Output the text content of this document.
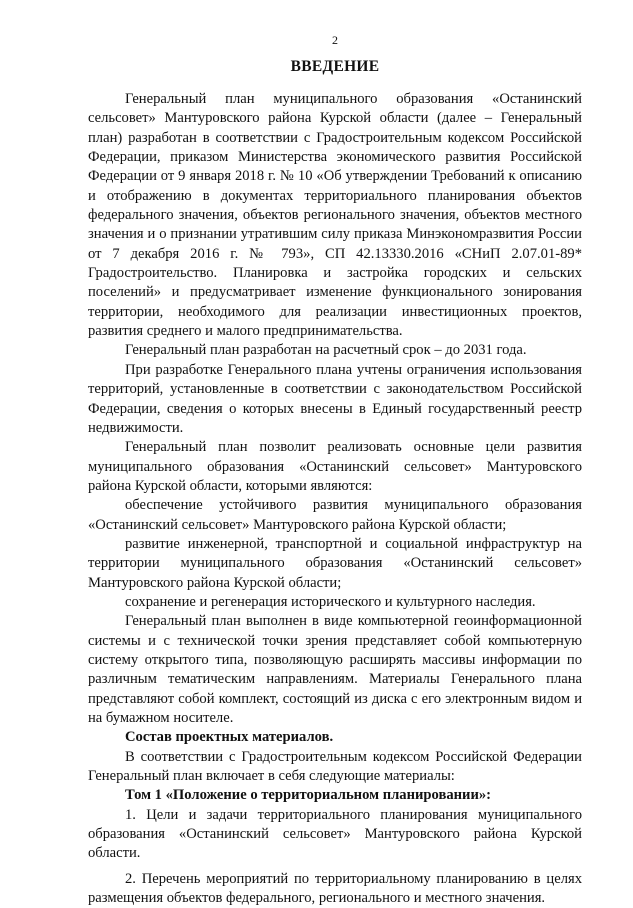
2
ВВЕДЕНИЕ

Генеральный план муниципального образования «Останинский сельсовет» Мантуровского района Курской области (далее – Генеральный план) разработан в соответствии с Градостроительным кодексом Российской Федерации, приказом Министерства экономического развития Российской Федерации от 9 января 2018 г. № 10 «Об утверждении Требований к описанию и отображению в документах территориального планирования объектов федерального значения, объектов регионального значения, объектов местного значения и о признании утратившим силу приказа Минэкономразвития России от 7 декабря 2016 г. № 793», СП 42.13330.2016 «СНиП 2.07.01-89* Градостроительство. Планировка и застройка городских и сельских поселений» и предусматривает изменение функционального зонирования территории, необходимого для реализации инвестиционных проектов, развития среднего и малого предпринимательства.

Генеральный план разработан на расчетный срок – до 2031 года.

При разработке Генерального плана учтены ограничения использования территорий, установленные в соответствии с законодательством Российской Федерации, сведения о которых внесены в Единый государственный реестр недвижимости.

Генеральный план позволит реализовать основные цели развития муниципального образования «Останинский сельсовет» Мантуровского района Курской области, которыми являются:

обеспечение устойчивого развития муниципального образования «Останинский сельсовет» Мантуровского района Курской области;

развитие инженерной, транспортной и социальной инфраструктур на территории муниципального образования «Останинский сельсовет» Мантуровского района Курской области;

сохранение и регенерация исторического и культурного наследия.

Генеральный план выполнен в виде компьютерной геоинформационной системы и с технической точки зрения представляет собой компьютерную систему открытого типа, позволяющую расширять массивы информации по различным тематическим направлениям. Материалы Генерального плана представляют собой комплект, состоящий из диска с его электронным видом и на бумажном носителе.

Состав проектных материалов.

В соответствии с Градостроительным кодексом Российской Федерации Генеральный план включает в себя следующие материалы:

Том 1 «Положение о территориальном планировании»:

1. Цели и задачи территориального планирования муниципального образования «Останинский сельсовет» Мантуровского района Курской области.

2. Перечень мероприятий по территориальному планированию в целях размещения объектов федерального, регионального и местного значения.
